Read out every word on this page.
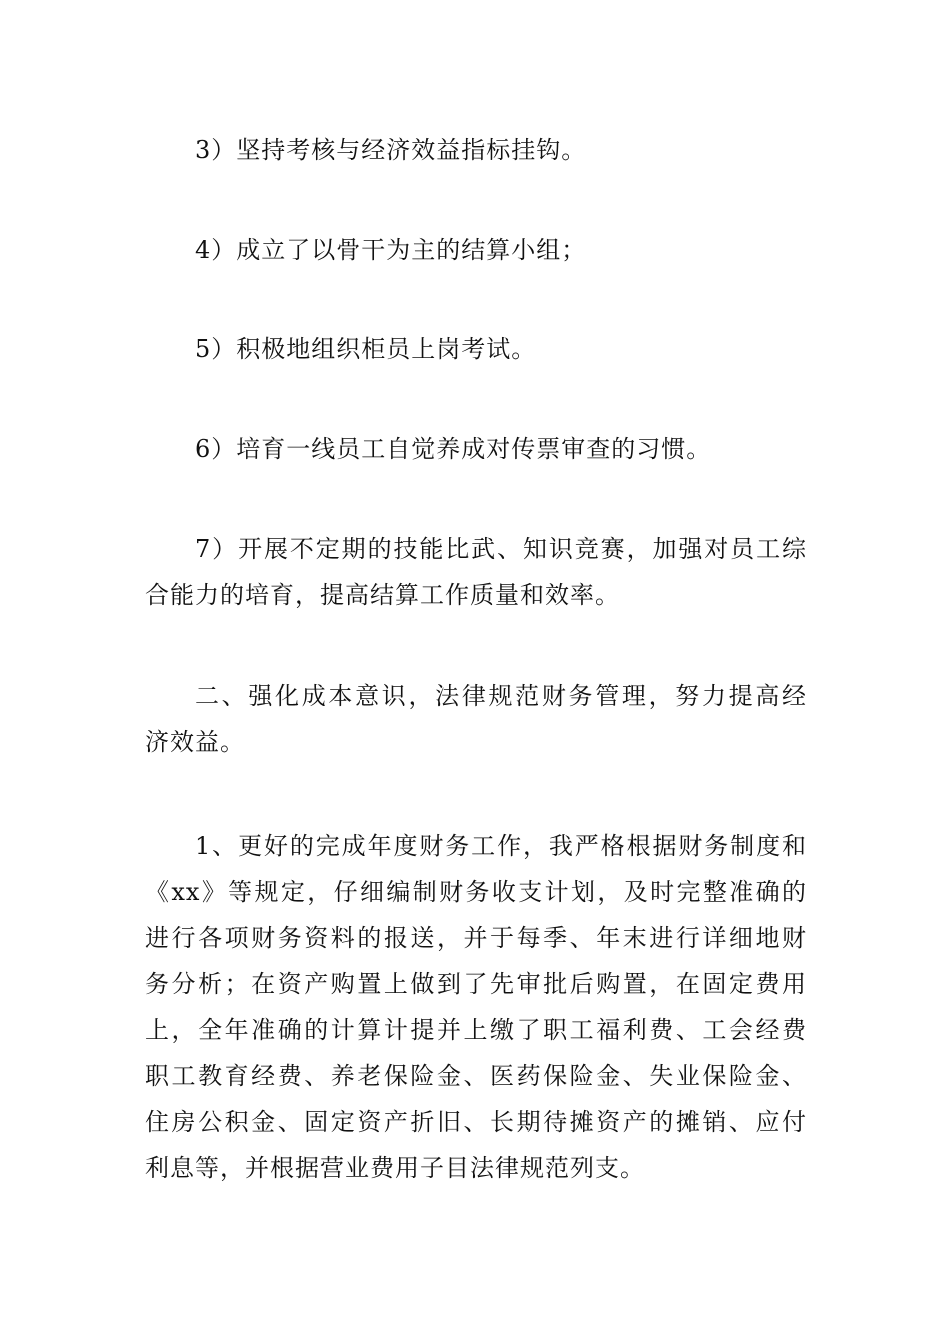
3）坚持考核与经济效益指标挂钩。

4）成立了以骨干为主的结算小组；

5）积极地组织柜员上岗考试。

6）培育一线员工自觉养成对传票审查的习惯。

7）开展不定期的技能比武、知识竞赛，加强对员工综
合能力的培育，提高结算工作质量和效率。

二、强化成本意识，法律规范财务管理，努力提高经
济效益。

1、更好的完成年度财务工作，我严格根据财务制度和
《xx》等规定，仔细编制财务收支计划，及时完整准确的
进行各项财务资料的报送，并于每季、年末进行详细地财
务分析；在资产购置上做到了先审批后购置，在固定费用
上，全年准确的计算计提并上缴了职工福利费、工会经费
职工教育经费、养老保险金、医药保险金、失业保险金、
住房公积金、固定资产折旧、长期待摊资产的摊销、应付
利息等，并根据营业费用子目法律规范列支。
